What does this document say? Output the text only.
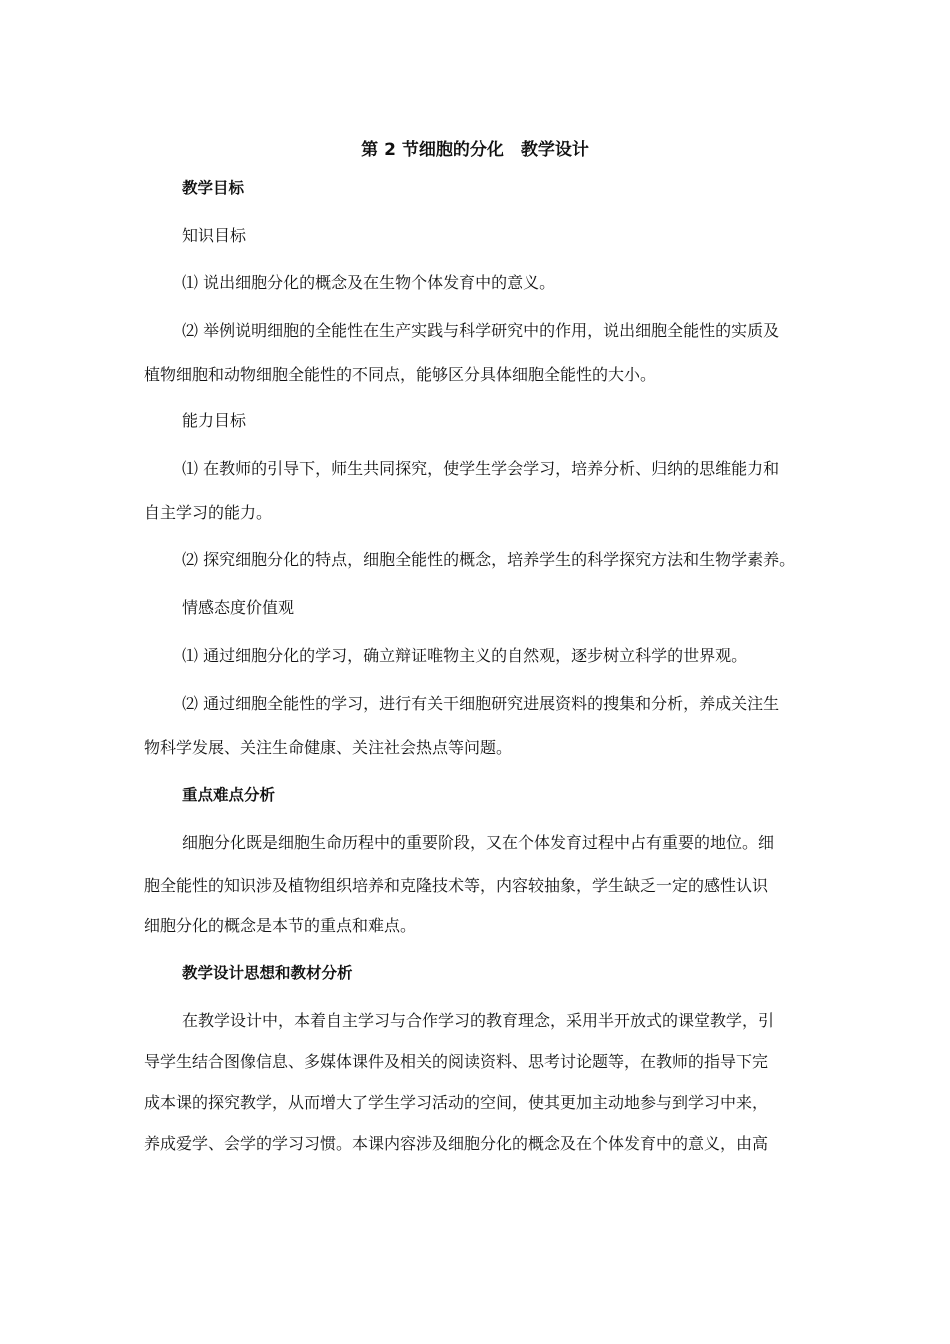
第 2 节细胞的分化　教学设计
教学目标
知识目标
⑴ 说出细胞分化的概念及在生物个体发育中的意义。
⑵ 举例说明细胞的全能性在生产实践与科学研究中的作用，说出细胞全能性的实质及
植物细胞和动物细胞全能性的不同点，能够区分具体细胞全能性的大小。
能力目标
⑴ 在教师的引导下，师生共同探究，使学生学会学习，培养分析、归纳的思维能力和
自主学习的能力。
⑵ 探究细胞分化的特点，细胞全能性的概念，培养学生的科学探究方法和生物学素养。
情感态度价值观
⑴ 通过细胞分化的学习，确立辩证唯物主义的自然观，逐步树立科学的世界观。
⑵ 通过细胞全能性的学习，进行有关干细胞研究进展资料的搜集和分析，养成关注生
物科学发展、关注生命健康、关注社会热点等问题。
重点难点分析
细胞分化既是细胞生命历程中的重要阶段，又在个体发育过程中占有重要的地位。细
胞全能性的知识涉及植物组织培养和克隆技术等，内容较抽象，学生缺乏一定的感性认识
细胞分化的概念是本节的重点和难点。
教学设计思想和教材分析
在教学设计中，本着自主学习与合作学习的教育理念，采用半开放式的课堂教学，引
导学生结合图像信息、多媒体课件及相关的阅读资料、思考讨论题等，在教师的指导下完
成本课的探究教学，从而增大了学生学习活动的空间，使其更加主动地参与到学习中来，
养成爱学、会学的学习习惯。本课内容涉及细胞分化的概念及在个体发育中的意义，由高
